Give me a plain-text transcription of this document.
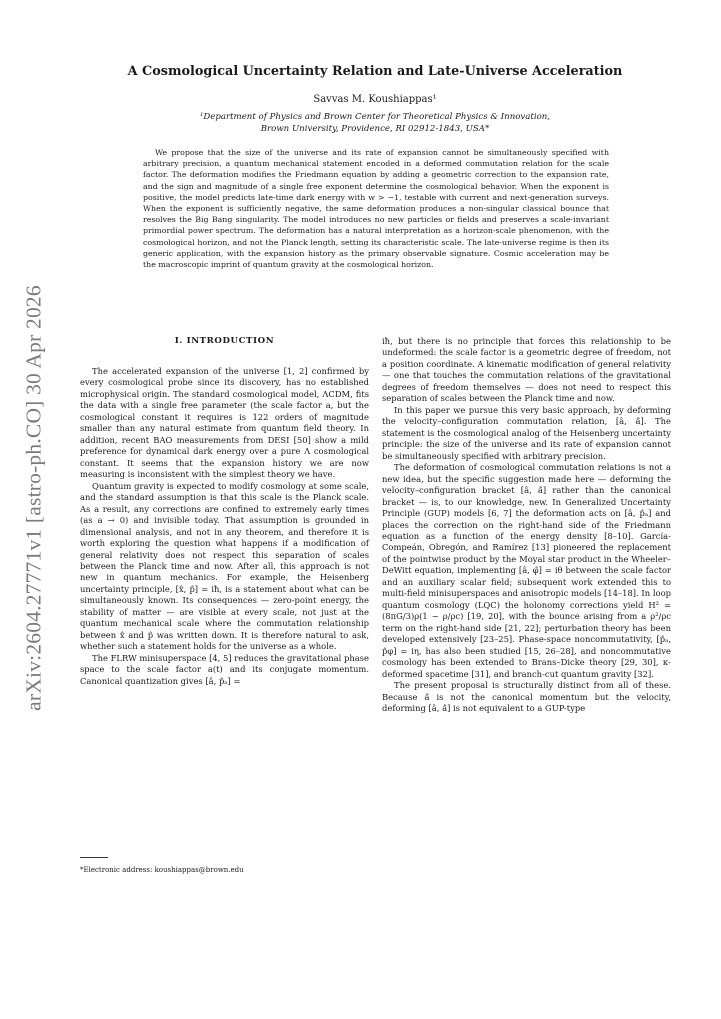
arXiv:2604.27771v1 [astro-ph.CO] 30 Apr 2026
A Cosmological Uncertainty Relation and Late-Universe Acceleration
Savvas M. Koushiappas¹
¹Department of Physics and Brown Center for Theoretical Physics & Innovation,
Brown University, Providence, RI 02912-1843, USA*

We propose that the size of the universe and its rate of expansion cannot be simultaneously specified with arbitrary precision, a quantum mechanical statement encoded in a deformed commutation relation for the scale factor. The deformation modifies the Friedmann equation by adding a geometric correction to the expansion rate, and the sign and magnitude of a single free exponent determine the cosmological behavior. When the exponent is positive, the model predicts late-time dark energy with w > −1, testable with current and next-generation surveys. When the exponent is sufficiently negative, the same deformation produces a non-singular classical bounce that resolves the Big Bang singularity. The model introduces no new particles or fields and preserves a scale-invariant primordial power spectrum. The deformation has a natural interpretation as a horizon-scale phenomenon, with the cosmological horizon, and not the Planck length, setting its characteristic scale. The late-universe regime is then its generic application, with the expansion history as the primary observable signature. Cosmic acceleration may be the macroscopic imprint of quantum gravity at the cosmological horizon.

I. INTRODUCTION

The accelerated expansion of the universe [1, 2] confirmed by every cosmological probe since its discovery, has no established microphysical origin. The standard cosmological model, ΛCDM, fits the data with a single free parameter (the scale factor a, but the cosmological constant it requires is 122 orders of magnitude smaller than any natural estimate from quantum field theory. In addition, recent BAO measurements from DESI [50] show a mild preference for dynamical dark energy over a pure Λ cosmological constant. It seems that the expansion history we are now measuring is inconsistent with the simplest theory we have.

Quantum gravity is expected to modify cosmology at some scale, and the standard assumption is that this scale is the Planck scale. As a result, any corrections are confined to extremely early times (as a → 0) and invisible today. That assumption is grounded in dimensional analysis, and not in any theorem, and therefore it is worth exploring the question what happens if a modification of general relativity does not respect this separation of scales between the Planck time and now. After all, this approach is not new in quantum mechanics. For example, the Heisenberg uncertainty principle, [x̂, p̂] = iħ, is a statement about what can be simultaneously known. Its consequences — zero-point energy, the stability of matter — are visible at every scale, not just at the quantum mechanical scale where the commutation relationship between x̂ and p̂ was written down. It is therefore natural to ask, whether such a statement holds for the universe as a whole.

The FLRW minisuperspace [4, 5] reduces the gravitational phase space to the scale factor a(t) and its conjugate momentum. Canonical quantization gives [â, p̂ₐ] =

iħ, but there is no principle that forces this relationship to be undeformed: the scale factor is a geometric degree of freedom, not a position coordinate. A kinematic modification of general relativity — one that touches the commutation relations of the gravitational degrees of freedom themselves — does not need to respect this separation of scales between the Planck time and now.

In this paper we pursue this very basic approach, by deforming the velocity–configuration commutation relation, [â, ȧ̂]. The statement is the cosmological analog of the Heisenberg uncertainty principle: the size of the universe and its rate of expansion cannot be simultaneously specified with arbitrary precision.

The deformation of cosmological commutation relations is not a new idea, but the specific suggestion made here — deforming the velocity–configuration bracket [â, ȧ̂] rather than the canonical bracket — is, to our knowledge, new. In Generalized Uncertainty Principle (GUP) models [6, 7] the deformation acts on [â, p̂ₐ] and places the correction on the right-hand side of the Friedmann equation as a function of the energy density [8–10]. García-Compeán, Obregón, and Ramírez [13] pioneered the replacement of the pointwise product by the Moyal star product in the Wheeler–DeWitt equation, implementing [â, φ̂] = iθ between the scale factor and an auxiliary scalar field; subsequent work extended this to multi-field minisuperspaces and anisotropic models [14–18]. In loop quantum cosmology (LQC) the holonomy corrections yield H² = (8πG/3)ρ(1 − ρ/ρc) [19, 20], with the bounce arising from a ρ²/ρc term on the right-hand side [21, 22]; perturbation theory has been developed extensively [23–25]. Phase-space noncommutativity, [p̂ₐ, p̂φ] = iη, has also been studied [15, 26–28], and noncommutative cosmology has been extended to Brans–Dicke theory [29, 30], κ-deformed spacetime [31], and branch-cut quantum gravity [32].

The present proposal is structurally distinct from all of these. Because ȧ̂ is not the canonical momentum but the velocity, deforming [â, ȧ̂] is not equivalent to a GUP-type

*Electronic address: koushiappas@brown.edu
